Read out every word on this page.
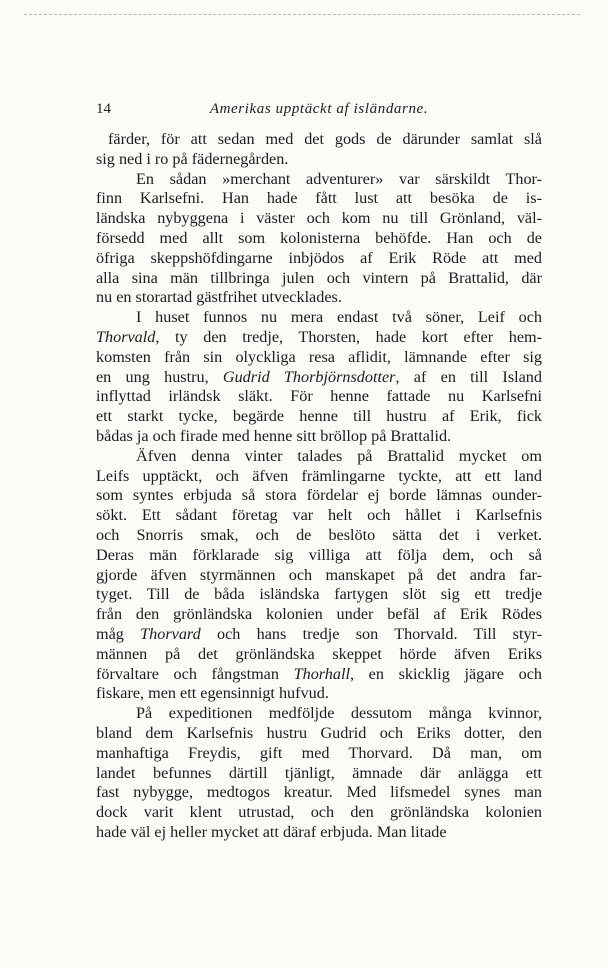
14	Amerikas upptäckt af isländarne.
färder, för att sedan med det gods de därunder samlat slå
sig ned i ro på fädernegården.
En sådan »merchant adventurer» var särskildt Thor-
finn Karlsefni. Han hade fått lust att besöka de is-
ländska nybyggena i väster och kom nu till Grönland, väl-
försedd med allt som kolonisterna behöfde. Han och de
öfriga skeppshöfdingarne inbjödos af Erik Röde att med
alla sina män tillbringa julen och vintern på Brattalid, där
nu en storartad gästfrihet utvecklades.
I huset funnos nu mera endast två söner, Leif och
Thorvald, ty den tredje, Thorsten, hade kort efter hem-
komsten från sin olyckliga resa aflidit, lämnande efter sig
en ung hustru, Gudrid Thorbjörnsdotter, af en till Island
inflyttad irländsk släkt. För henne fattade nu Karlsefni
ett starkt tycke, begärde henne till hustru af Erik, fick
bådas ja och firade med henne sitt bröllop på Brattalid.
Äfven denna vinter talades på Brattalid mycket om
Leifs upptäckt, och äfven främlingarne tyckte, att ett land
som syntes erbjuda så stora fördelar ej borde lämnas ounder-
sökt. Ett sådant företag var helt och hållet i Karlsefnis
och Snorris smak, och de beslöto sätta det i verket.
Deras män förklarade sig villiga att följa dem, och så
gjorde äfven styrmännen och manskapet på det andra far-
tyget. Till de båda isländska fartygen slöt sig ett tredje
från den grönländska kolonien under befäl af Erik Rödes
måg Thorvard och hans tredje son Thorvald. Till styr-
männen på det grönländska skeppet hörde äfven Eriks
förvaltare och fångstman Thorhall, en skicklig jägare och
fiskare, men ett egensinnigt hufvud.
På expeditionen medföljde dessutom många kvinnor,
bland dem Karlsefnis hustru Gudrid och Eriks dotter, den
manhaftiga Freydis, gift med Thorvard. Då man, om
landet befunnes därtill tjänligt, ämnade där anlägga ett
fast nybygge, medtogos kreatur. Med lifsmedel synes man
dock varit klent utrustad, och den grönländska kolonien
hade väl ej heller mycket att däraf erbjuda. Man litade
